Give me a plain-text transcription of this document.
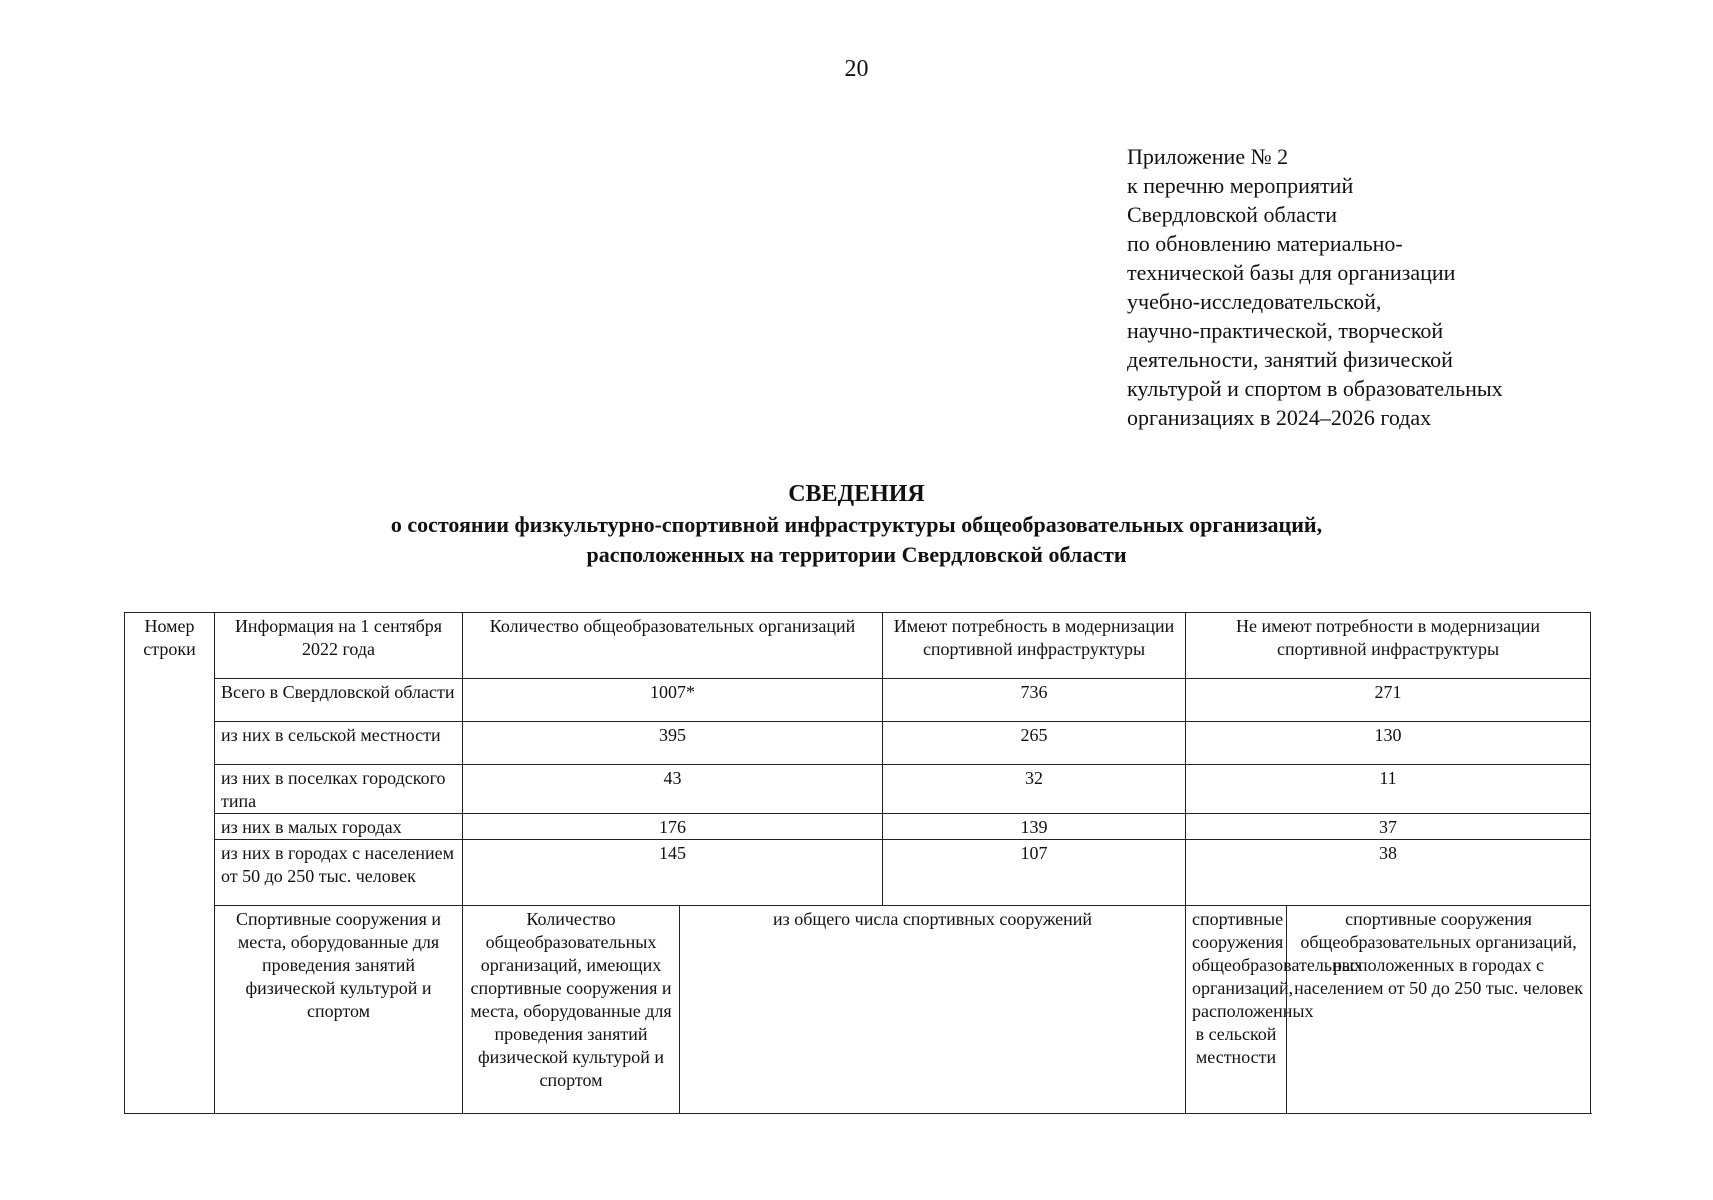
20
Приложение № 2
к перечню мероприятий
Свердловской области
по обновлению материально-
технической базы для организации
учебно-исследовательской,
научно-практической, творческой
деятельности, занятий физической
культурой и спортом в образовательных
организациях в 2024–2026 годах
СВЕДЕНИЯ
о состоянии физкультурно-спортивной инфраструктуры общеобразовательных организаций,
расположенных на территории Свердловской области
Номер строки	Информация на 1 сентября 2022 года	Количество общеобразовательных организаций		Имеют потребность в модернизации спортивной инфраструктуры	Не имеют потребности в модернизации спортивной инфраструктуры	
	Всего в Свердловской области	1007*		736	271	
	из них в сельской местности	395		265	130	
	из них в поселках городского типа	43		32	11	
	из них в малых городах	176		139	37	
	из них в городах с населением от 50 до 250 тыс. человек	145		107	38	
	Спортивные сооружения и места, оборудованные для проведения занятий физической культурой и спортом	Количество общеобразовательных организаций, имеющих спортивные сооружения и места, оборудованные для проведения занятий физической культурой и спортом	из общего числа спортивных сооружений		спортивные сооружения общеобразовательных организаций, расположенных в сельской местности	спортивные сооружения общеобразовательных организаций, расположенных в городах с населением от 50 до 250 тыс. человек
